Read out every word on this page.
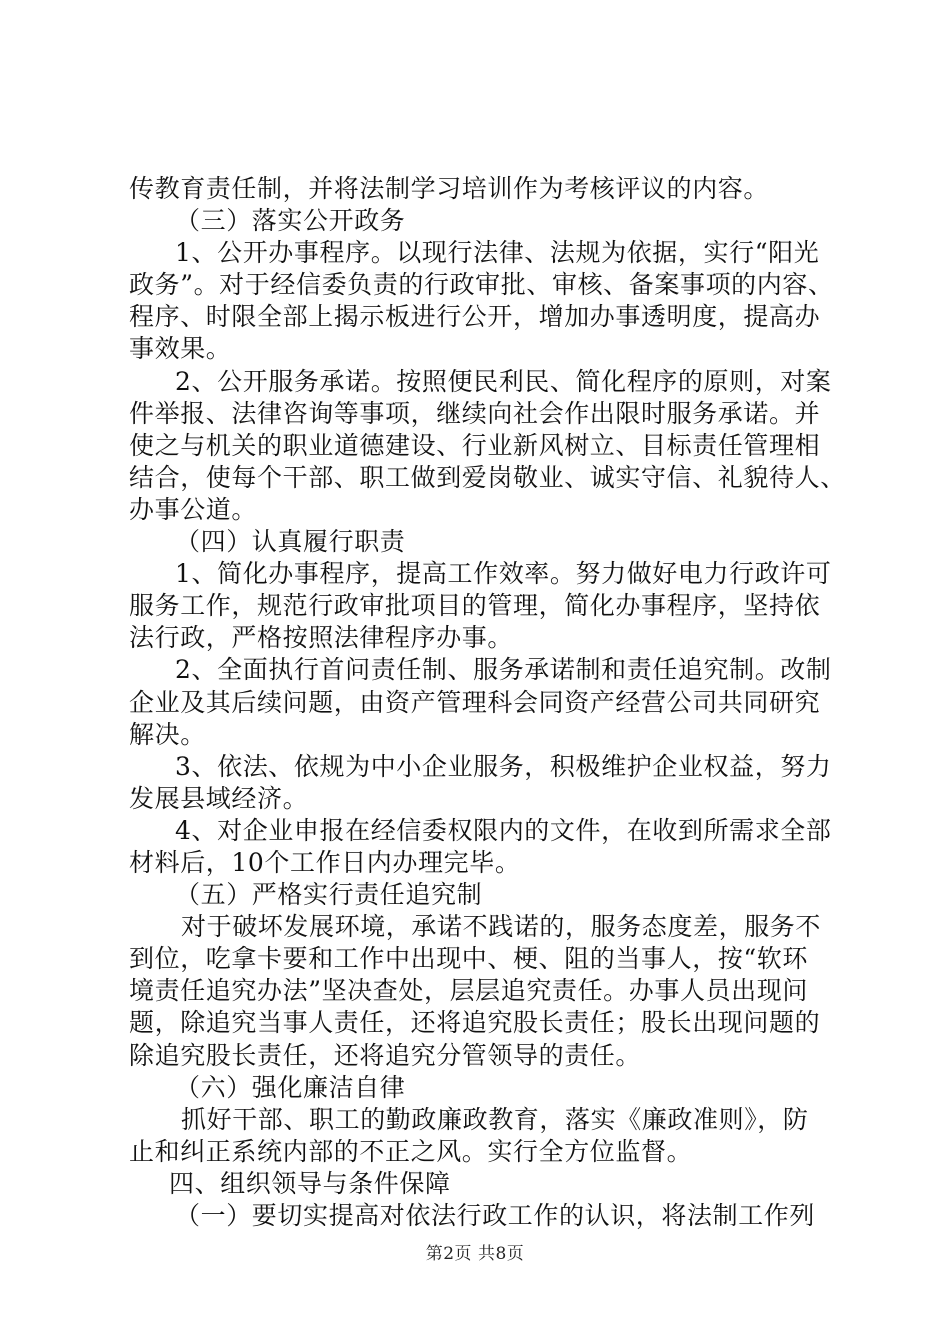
传教育责任制，并将法制学习培训作为考核评议的内容。
（三）落实公开政务
1、公开办事程序。以现行法律、法规为依据，实行“阳光
政务”。对于经信委负责的行政审批、审核、备案事项的内容、
程序、时限全部上揭示板进行公开，增加办事透明度，提高办
事效果。
2、公开服务承诺。按照便民利民、简化程序的原则，对案
件举报、法律咨询等事项，继续向社会作出限时服务承诺。并
使之与机关的职业道德建设、行业新风树立、目标责任管理相
结合，使每个干部、职工做到爱岗敬业、诚实守信、礼貌待人、
办事公道。
（四）认真履行职责
1、简化办事程序，提高工作效率。努力做好电力行政许可
服务工作，规范行政审批项目的管理，简化办事程序，坚持依
法行政，严格按照法律程序办事。
2、全面执行首问责任制、服务承诺制和责任追究制。改制
企业及其后续问题，由资产管理科会同资产经营公司共同研究
解决。
3、依法、依规为中小企业服务，积极维护企业权益，努力
发展县域经济。
4、对企业申报在经信委权限内的文件，在收到所需求全部
材料后，10个工作日内办理完毕。
（五）严格实行责任追究制
对于破坏发展环境，承诺不践诺的，服务态度差，服务不
到位，吃拿卡要和工作中出现中、梗、阻的当事人，按“软环
境责任追究办法”坚决查处，层层追究责任。办事人员出现问
题，除追究当事人责任，还将追究股长责任；股长出现问题的
除追究股长责任，还将追究分管领导的责任。
（六）强化廉洁自律
抓好干部、职工的勤政廉政教育，落实《廉政准则》，防
止和纠正系统内部的不正之风。实行全方位监督。
四、组织领导与条件保障
（一）要切实提高对依法行政工作的认识，将法制工作列
第2页 共8页
